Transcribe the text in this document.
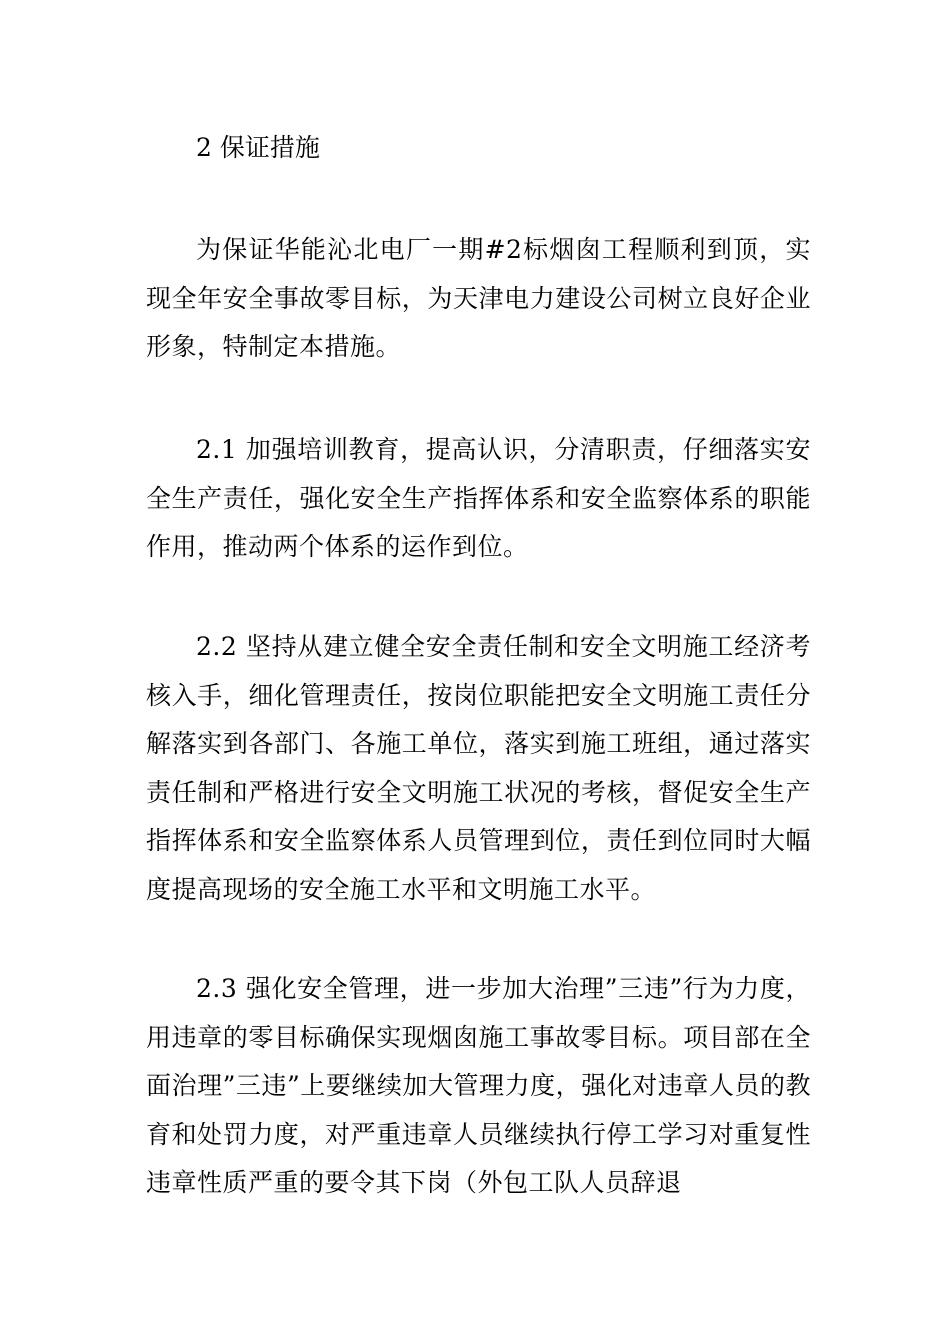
2 保证措施

为保证华能沁北电厂一期#2标烟囱工程顺利到顶，实现全年安全事故零目标，为天津电力建设公司树立良好企业形象，特制定本措施。

2.1 加强培训教育，提高认识，分清职责，仔细落实安全生产责任，强化安全生产指挥体系和安全监察体系的职能作用，推动两个体系的运作到位。

2.2 坚持从建立健全安全责任制和安全文明施工经济考核入手，细化管理责任，按岗位职能把安全文明施工责任分解落实到各部门、各施工单位，落实到施工班组，通过落实责任制和严格进行安全文明施工状况的考核，督促安全生产指挥体系和安全监察体系人员管理到位，责任到位同时大幅度提高现场的安全施工水平和文明施工水平。

2.3 强化安全管理，进一步加大治理”三违”行为力度，用违章的零目标确保实现烟囱施工事故零目标。项目部在全面治理”三违”上要继续加大管理力度，强化对违章人员的教育和处罚力度，对严重违章人员继续执行停工学习对重复性违章性质严重的要令其下岗（外包工队人员辞退
